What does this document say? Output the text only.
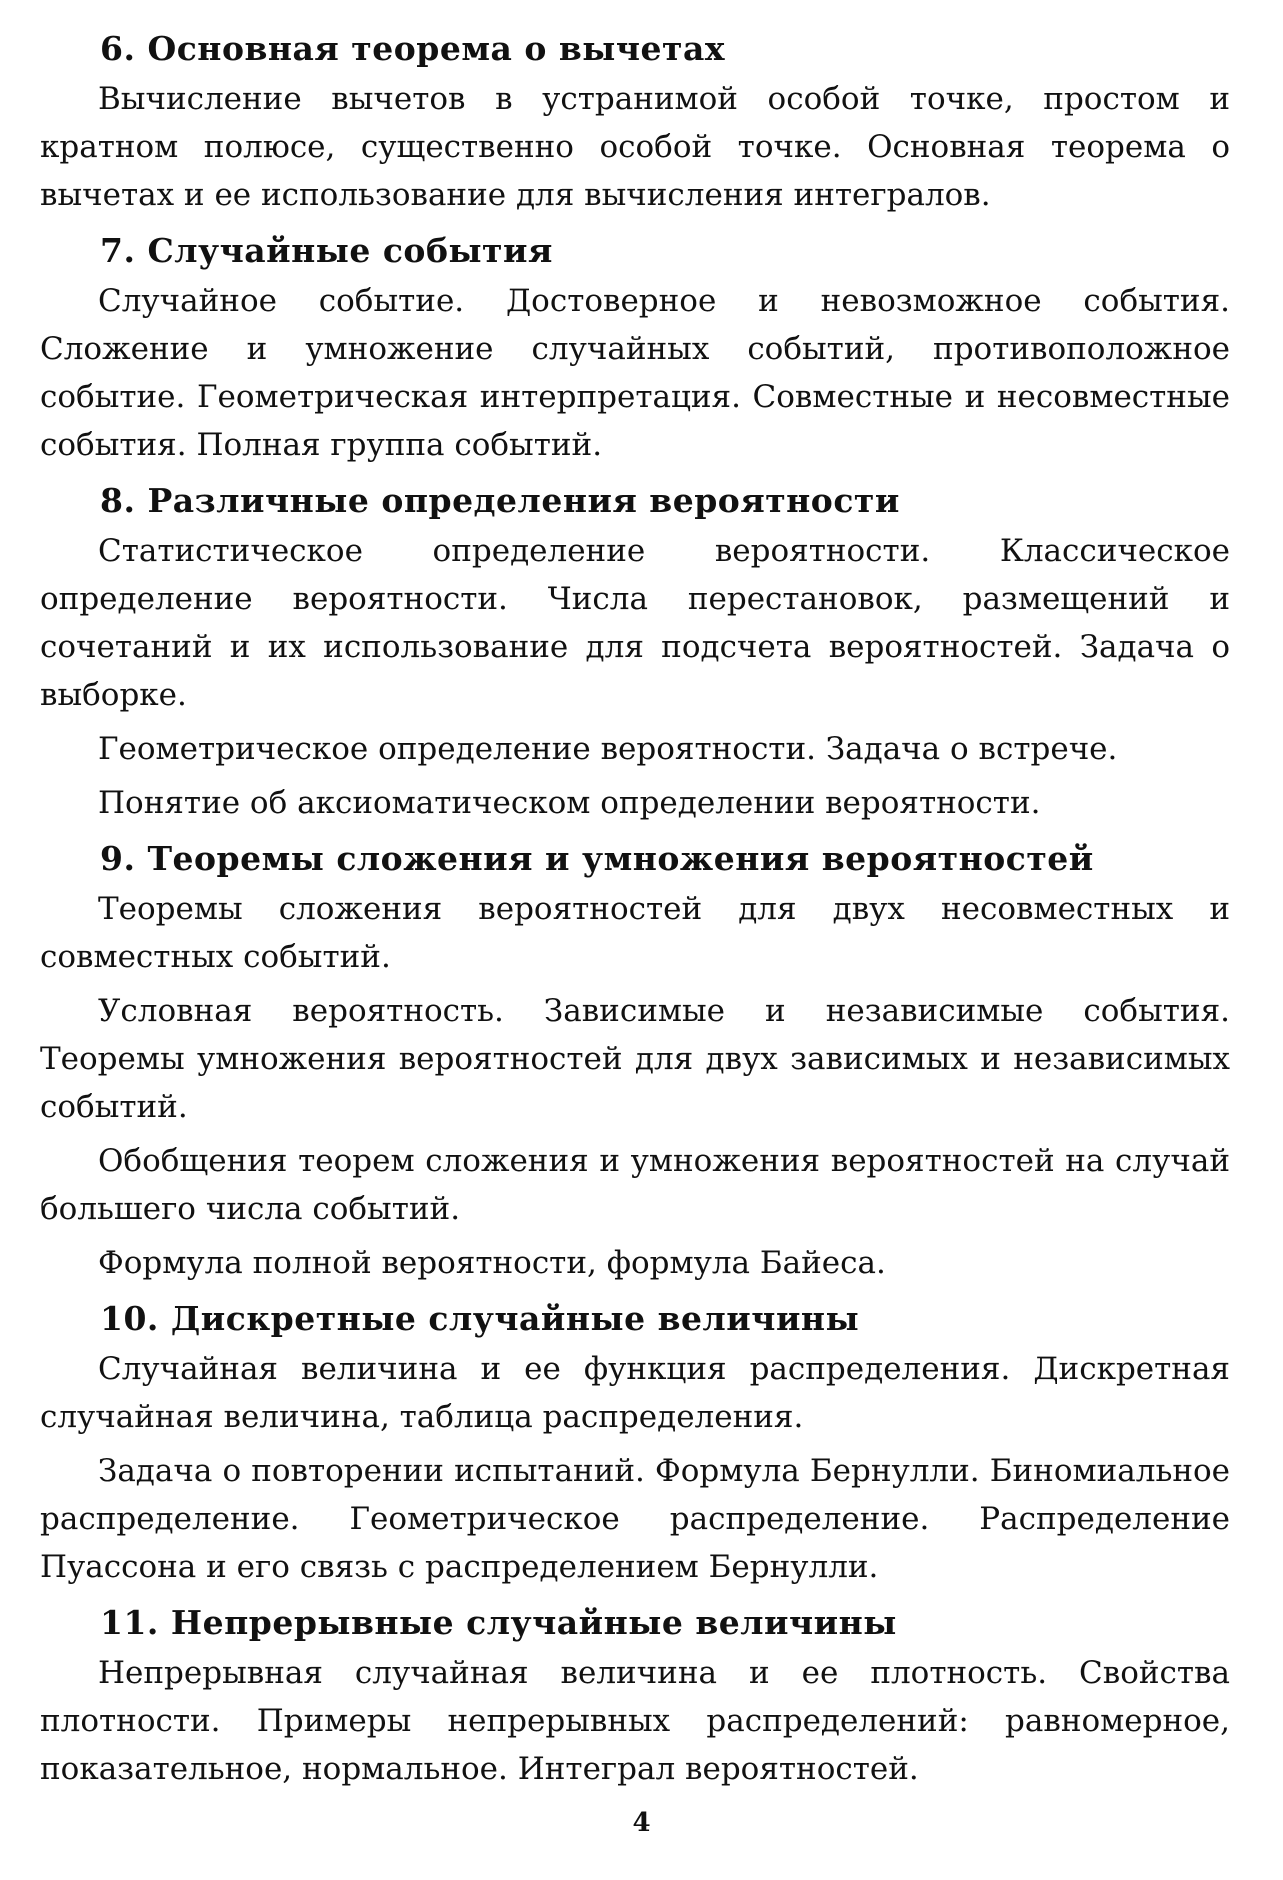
6. Основная теорема о вычетах

Вычисление вычетов в устранимой особой точке, простом и кратном полюсе, существенно особой точке. Основная теорема о вычетах и ее использование для вычисления интегралов.

7. Случайные события

Случайное событие. Достоверное и невозможное события. Сложение и умножение случайных событий, противоположное событие. Геометрическая интерпретация. Совместные и несовместные события. Полная группа событий.

8. Различные определения вероятности

Статистическое определение вероятности. Классическое определение вероятности. Числа перестановок, размещений и сочетаний и их использование для подсчета вероятностей. Задача о выборке.

Геометрическое определение вероятности. Задача о встрече.

Понятие об аксиоматическом определении вероятности.

9. Теоремы сложения и умножения вероятностей

Теоремы сложения вероятностей для двух несовместных и совместных событий.

Условная вероятность. Зависимые и независимые события. Теоремы умножения вероятностей для двух зависимых и независимых событий.

Обобщения теорем сложения и умножения вероятностей на случай большего числа событий.

Формула полной вероятности, формула Байеса.

10. Дискретные случайные величины

Случайная величина и ее функция распределения. Дискретная случайная величина, таблица распределения.

Задача о повторении испытаний. Формула Бернулли. Биномиальное распределение. Геометрическое распределение. Распределение Пуассона и его связь с распределением Бернулли.

11. Непрерывные случайные величины

Непрерывная случайная величина и ее плотность. Свойства плотности. Примеры непрерывных распределений: равномерное, показательное, нормальное. Интеграл вероятностей.

4
